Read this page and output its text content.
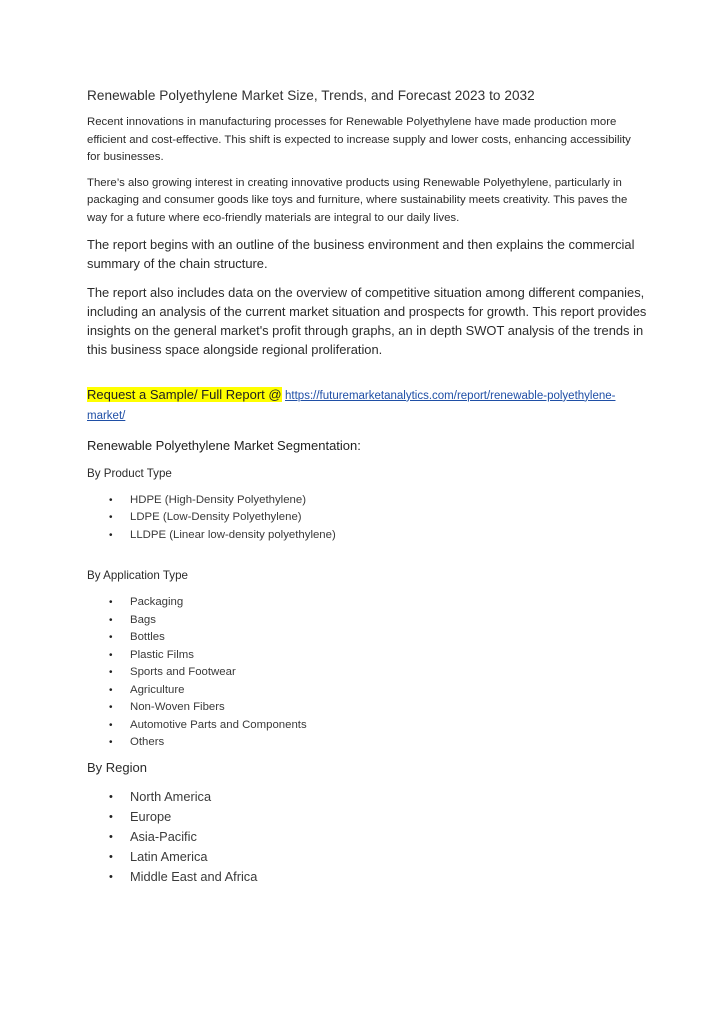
Renewable Polyethylene Market Size, Trends, and Forecast 2023 to 2032

Recent innovations in manufacturing processes for Renewable Polyethylene have made production more efficient and cost-effective. This shift is expected to increase supply and lower costs, enhancing accessibility for businesses.

There’s also growing interest in creating innovative products using Renewable Polyethylene, particularly in packaging and consumer goods like toys and furniture, where sustainability meets creativity. This paves the way for a future where eco-friendly materials are integral to our daily lives.

The report begins with an outline of the business environment and then explains the commercial summary of the chain structure.

The report also includes data on the overview of competitive situation among different companies, including an analysis of the current market situation and prospects for growth. This report provides insights on the general market's profit through graphs, an in depth SWOT analysis of the trends in this business space alongside regional proliferation.

Request a Sample/ Full Report @ https://futuremarketanalytics.com/report/renewable-polyethylene-market/
Renewable Polyethylene Market Segmentation:
By Product Type
• HDPE (High-Density Polyethylene)
• LDPE (Low-Density Polyethylene)
• LLDPE (Linear low-density polyethylene)
By Application Type
• Packaging
• Bags
• Bottles
• Plastic Films
• Sports and Footwear
• Agriculture
• Non-Woven Fibers
• Automotive Parts and Components
• Others
By Region
• North America
• Europe
• Asia-Pacific
• Latin America
• Middle East and Africa
